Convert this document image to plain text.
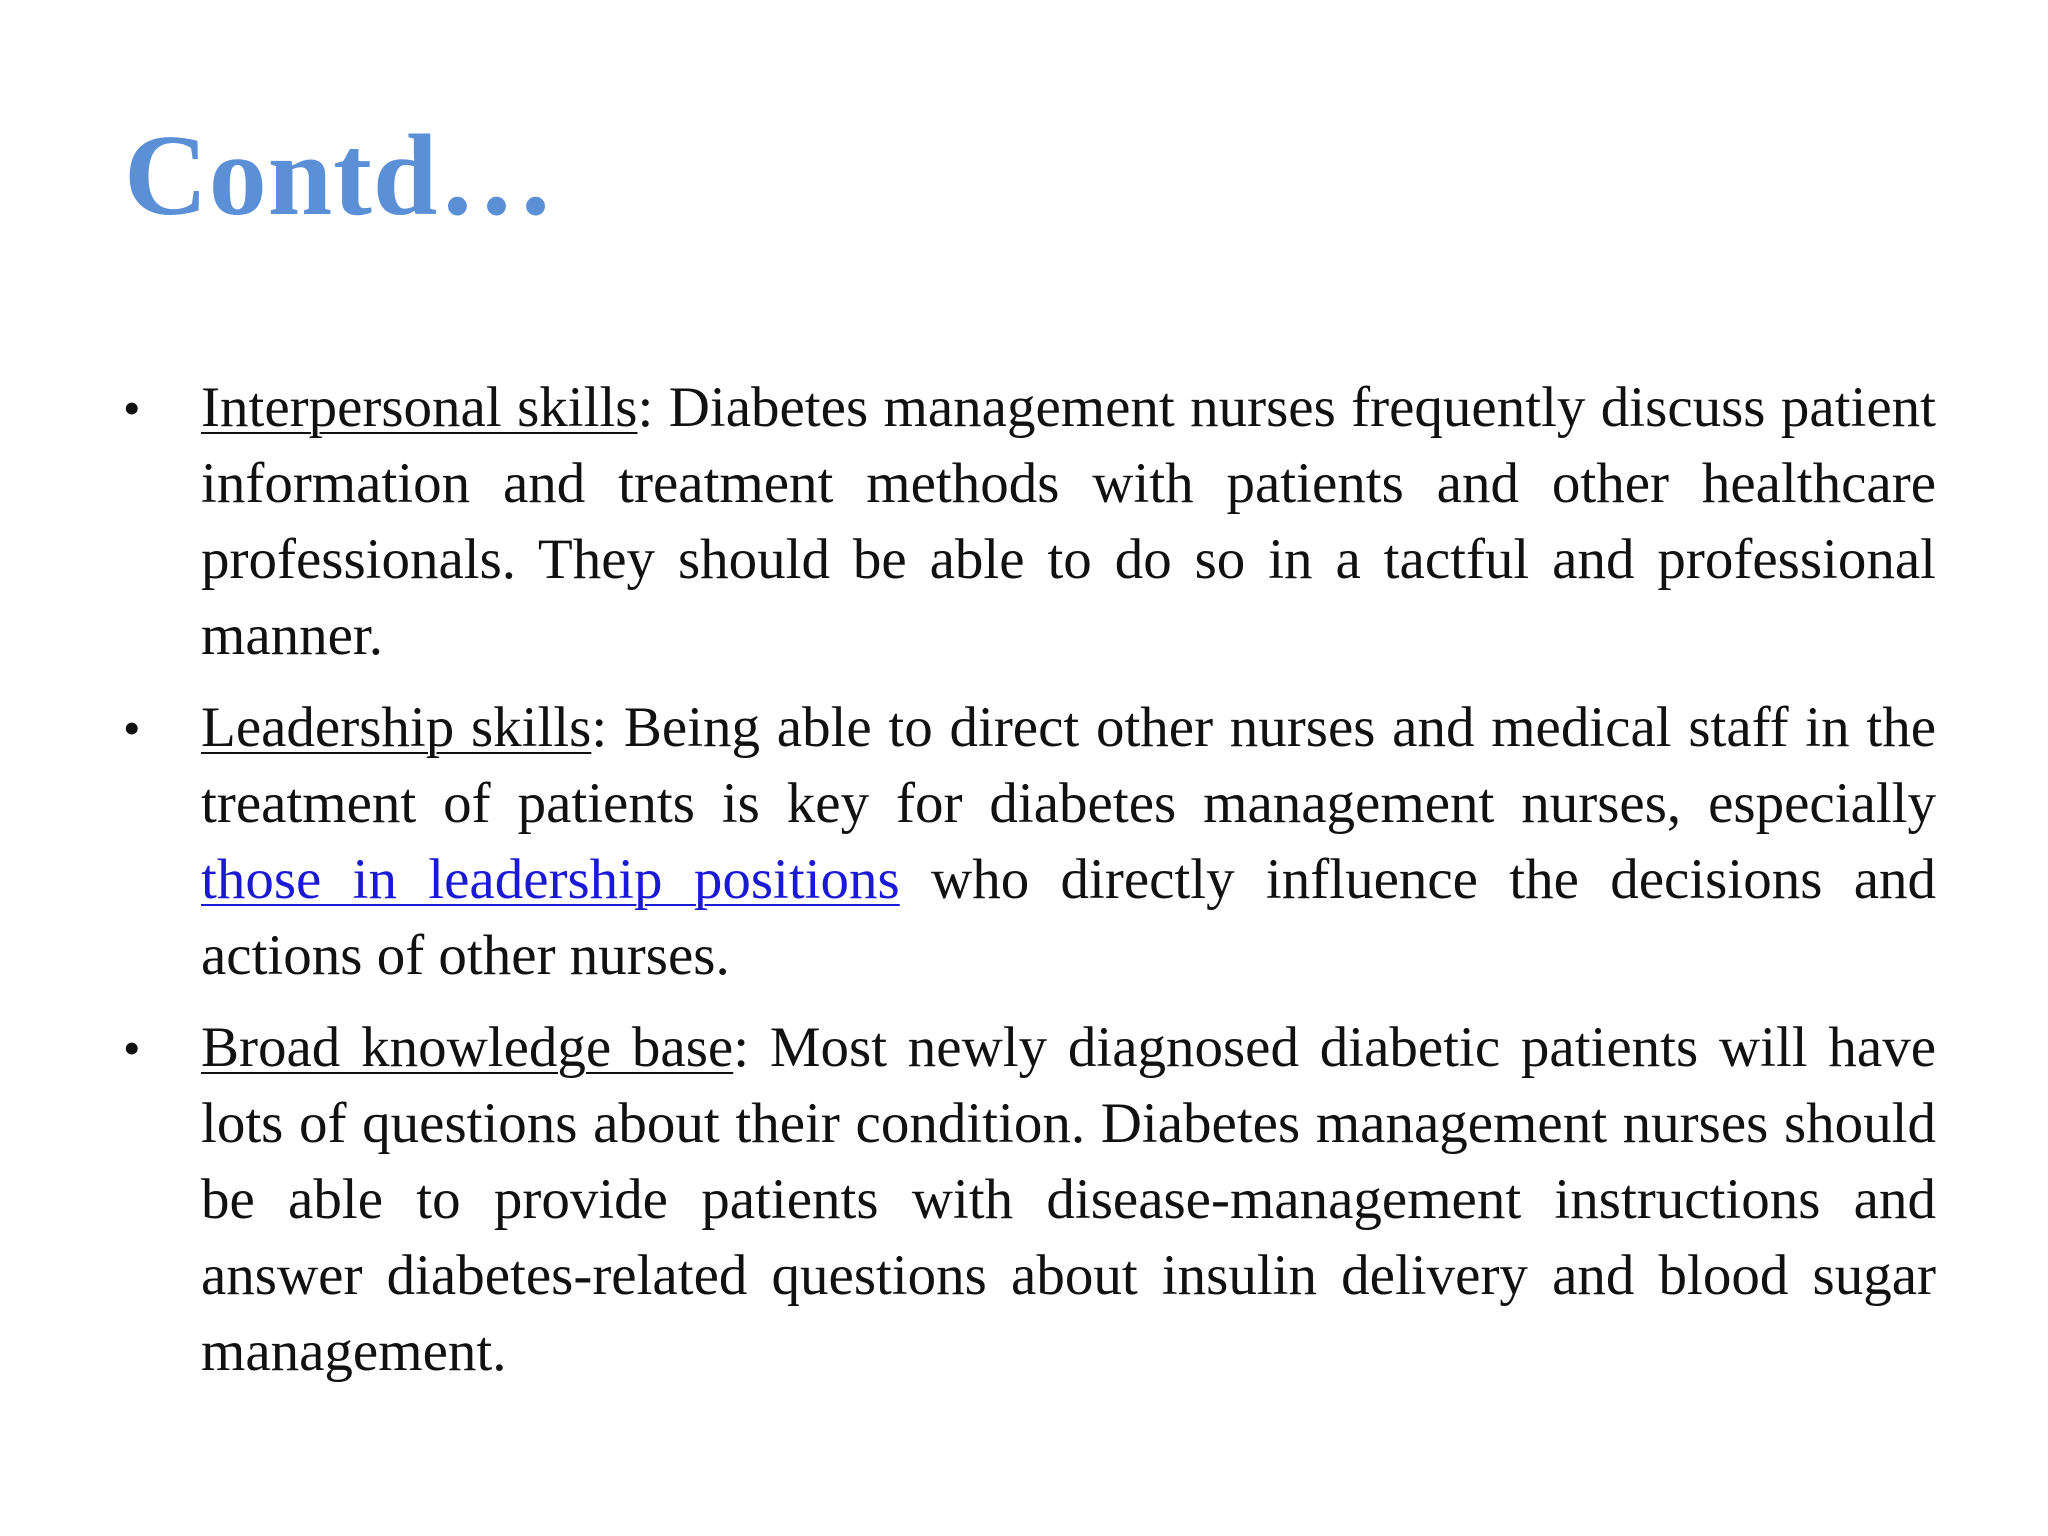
Contd…
• Interpersonal skills: Diabetes management nurses frequently discuss patient information and treatment methods with patients and other healthcare professionals. They should be able to do so in a tactful and professional manner.
• Leadership skills: Being able to direct other nurses and medical staff in the treatment of patients is key for diabetes management nurses, especially those in leadership positions who directly influence the decisions and actions of other nurses.
• Broad knowledge base: Most newly diagnosed diabetic patients will have lots of questions about their condition. Diabetes management nurses should be able to provide patients with disease-management instructions and answer diabetes-related questions about insulin delivery and blood sugar management.
